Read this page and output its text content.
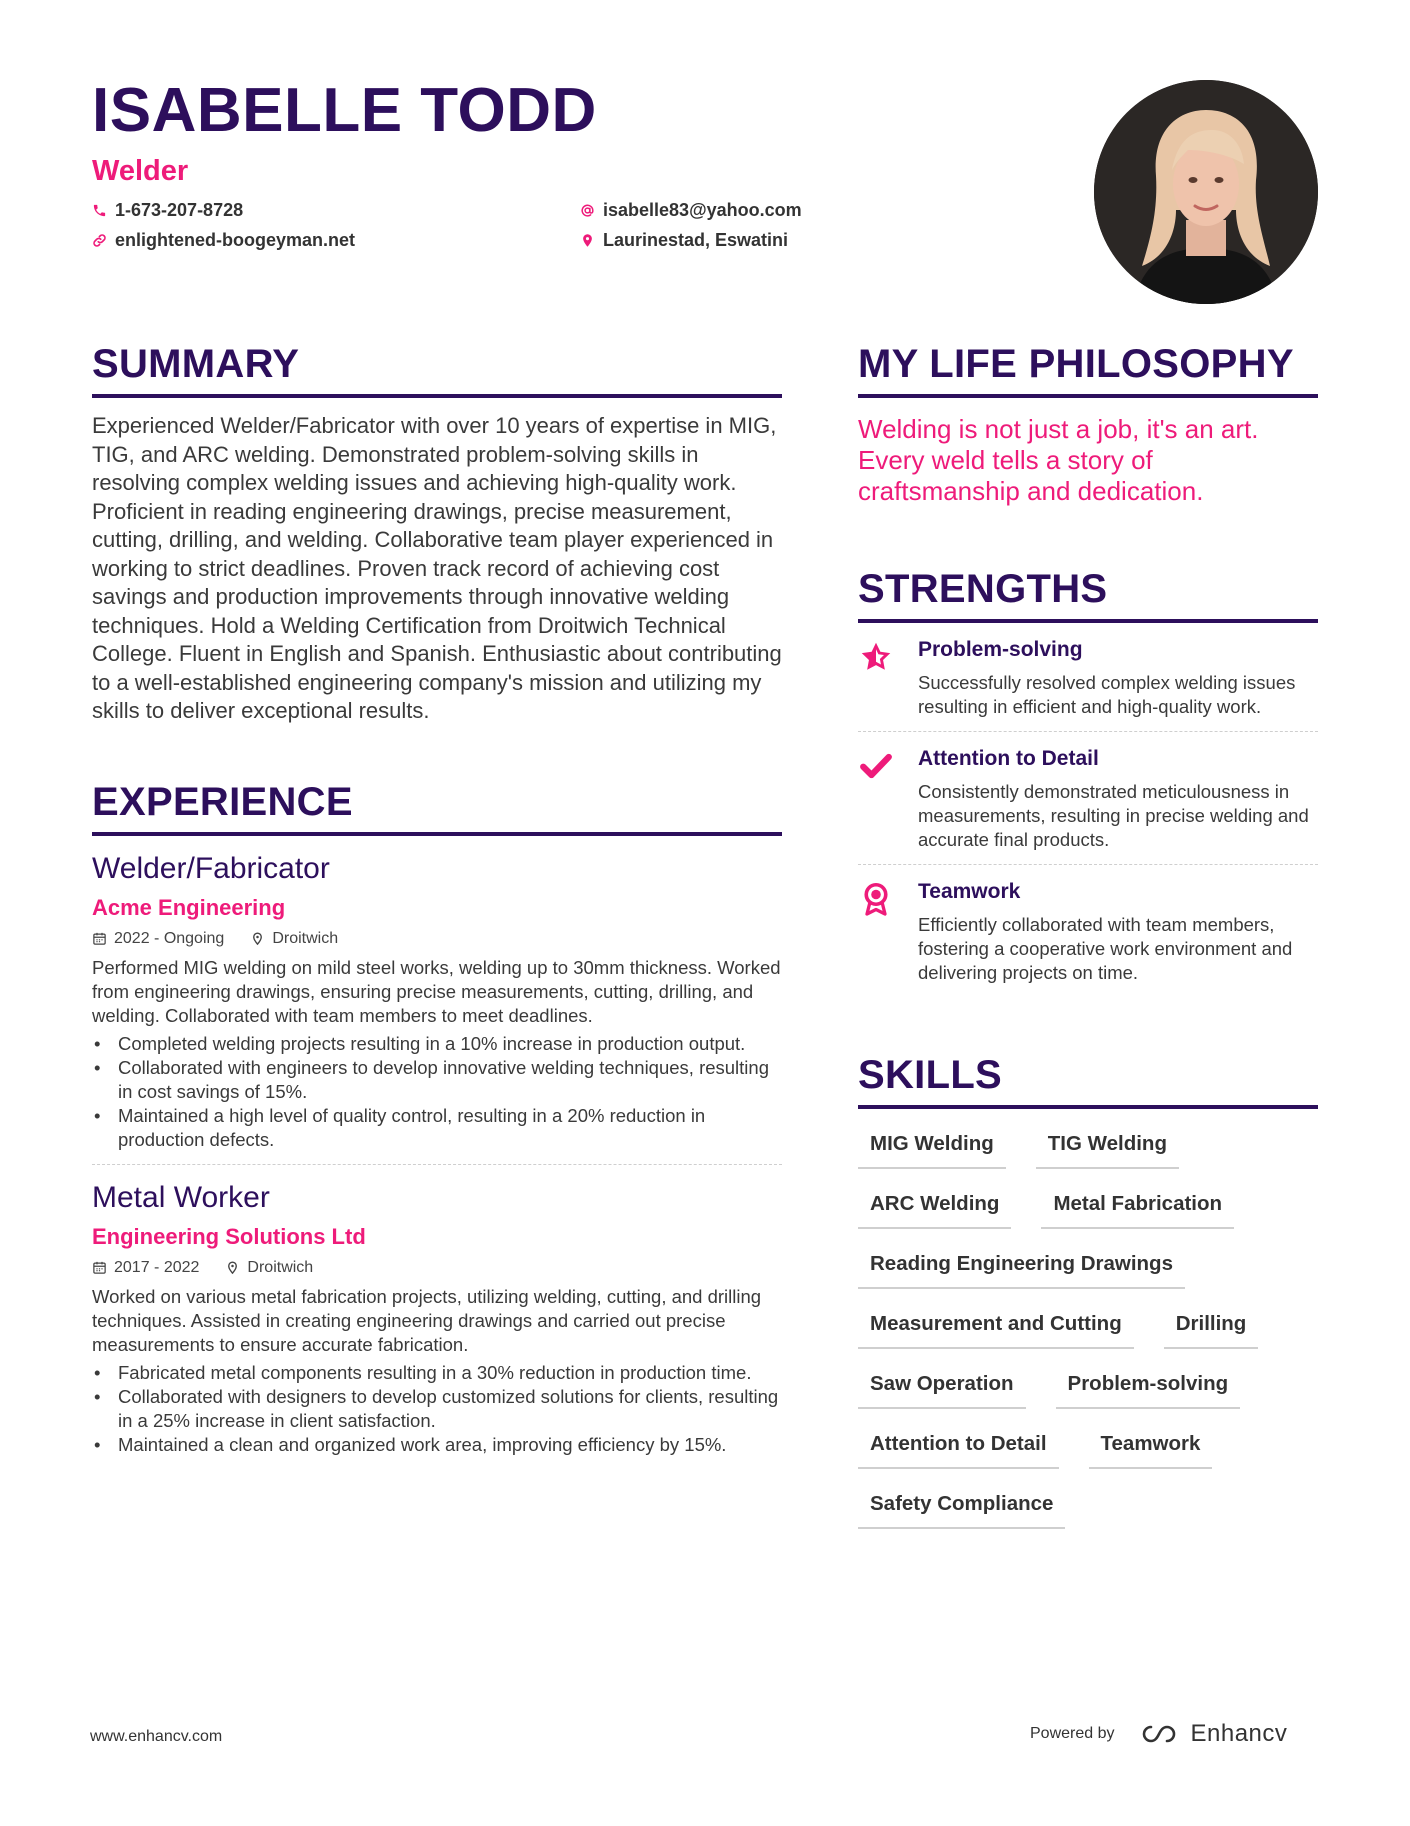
ISABELLE TODD
Welder
1-673-207-8728
enlightened-boogeyman.net
isabelle83@yahoo.com
Laurinestad, Eswatini
SUMMARY
Experienced Welder/Fabricator with over 10 years of expertise in MIG, TIG, and ARC welding. Demonstrated problem-solving skills in resolving complex welding issues and achieving high-quality work. Proficient in reading engineering drawings, precise measurement, cutting, drilling, and welding. Collaborative team player experienced in working to strict deadlines. Proven track record of achieving cost savings and production improvements through innovative welding techniques. Hold a Welding Certification from Droitwich Technical College. Fluent in English and Spanish. Enthusiastic about contributing to a well-established engineering company's mission and utilizing my skills to deliver exceptional results.
EXPERIENCE
Welder/Fabricator
Acme Engineering
2022 - Ongoing	Droitwich
Performed MIG welding on mild steel works, welding up to 30mm thickness. Worked from engineering drawings, ensuring precise measurements, cutting, drilling, and welding. Collaborated with team members to meet deadlines.
• Completed welding projects resulting in a 10% increase in production output.
• Collaborated with engineers to develop innovative welding techniques, resulting in cost savings of 15%.
• Maintained a high level of quality control, resulting in a 20% reduction in production defects.
Metal Worker
Engineering Solutions Ltd
2017 - 2022	Droitwich
Worked on various metal fabrication projects, utilizing welding, cutting, and drilling techniques. Assisted in creating engineering drawings and carried out precise measurements to ensure accurate fabrication.
• Fabricated metal components resulting in a 30% reduction in production time.
• Collaborated with designers to develop customized solutions for clients, resulting in a 25% increase in client satisfaction.
• Maintained a clean and organized work area, improving efficiency by 15%.
MY LIFE PHILOSOPHY
Welding is not just a job, it's an art. Every weld tells a story of craftsmanship and dedication.
STRENGTHS
Problem-solving
Successfully resolved complex welding issues resulting in efficient and high-quality work.
Attention to Detail
Consistently demonstrated meticulousness in measurements, resulting in precise welding and accurate final products.
Teamwork
Efficiently collaborated with team members, fostering a cooperative work environment and delivering projects on time.
SKILLS
MIG Welding	TIG Welding
ARC Welding	Metal Fabrication
Reading Engineering Drawings
Measurement and Cutting	Drilling
Saw Operation	Problem-solving
Attention to Detail	Teamwork
Safety Compliance
www.enhancv.com	Powered by	Enhancv
